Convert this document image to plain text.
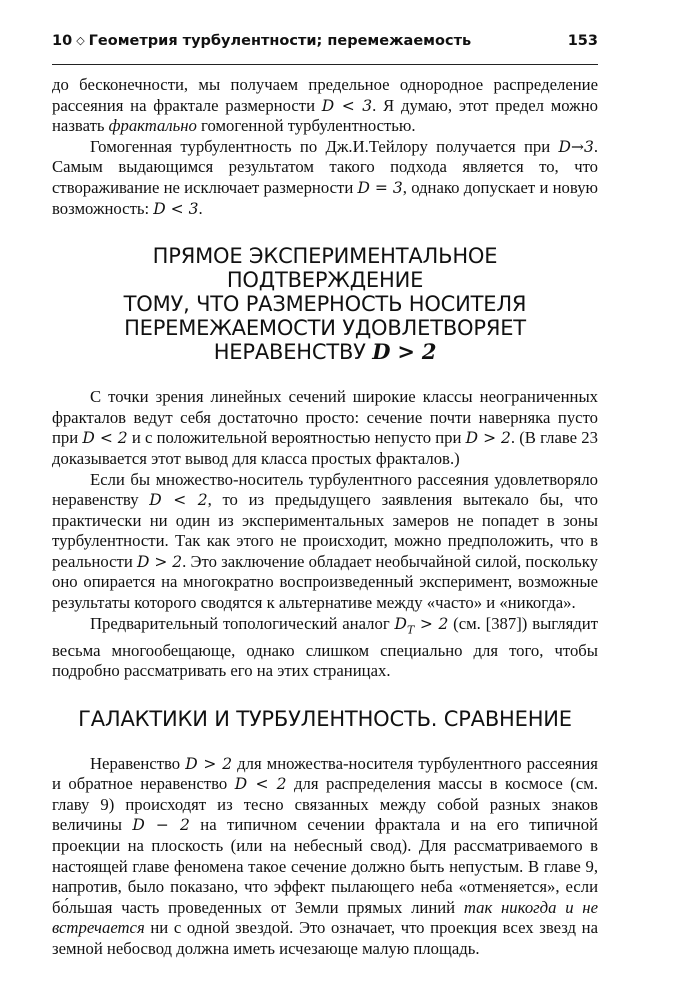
10 ◇ Геометрия турбулентности; перемежаемость	153

до бесконечности, мы получаем предельное однородное распределение рассеяния на фрактале размерности D < 3. Я думаю, этот предел можно назвать фрактально гомогенной турбулентностью.

Гомогенная турбулентность по Дж.И.Тейлору получается при D→3. Самым выдающимся результатом такого подхода является то, что створаживание не исключает размерности D = 3, однако допускает и новую возможность: D < 3.

ПРЯМОЕ ЭКСПЕРИМЕНТАЛЬНОЕ ПОДТВЕРЖДЕНИЕ
ТОМУ, ЧТО РАЗМЕРНОСТЬ НОСИТЕЛЯ
ПЕРЕМЕЖАЕМОСТИ УДОВЛЕТВОРЯЕТ
НЕРАВЕНСТВУ D > 2

С точки зрения линейных сечений широкие классы неограниченных фракталов ведут себя достаточно просто: сечение почти наверняка пусто при D < 2 и с положительной вероятностью непусто при D > 2. (В главе 23 доказывается этот вывод для класса простых фракталов.)

Если бы множество-носитель турбулентного рассеяния удовлетворяло неравенству D < 2, то из предыдущего заявления вытекало бы, что практически ни один из экспериментальных замеров не попадет в зоны турбулентности. Так как этого не происходит, можно предположить, что в реальности D > 2. Это заключение обладает необычайной силой, поскольку оно опирается на многократно воспроизведенный эксперимент, возможные результаты которого сводятся к альтернативе между «часто» и «никогда».

Предварительный топологический аналог $D_T > 2$ (см. [387]) выглядит весьма многообещающе, однако слишком специально для того, чтобы подробно рассматривать его на этих страницах.

ГАЛАКТИКИ И ТУРБУЛЕНТНОСТЬ. СРАВНЕНИЕ

Неравенство D > 2 для множества-носителя турбулентного рассеяния и обратное неравенство D < 2 для распределения массы в космосе (см. главу 9) происходят из тесно связанных между собой разных знаков величины D − 2 на типичном сечении фрактала и на его типичной проекции на плоскость (или на небесный свод). Для рассматриваемого в настоящей главе феномена такое сечение должно быть непустым. В главе 9, напротив, было показано, что эффект пылающего неба «отменяется», если бо́льшая часть проведенных от Земли прямых линий так никогда и не встречается ни с одной звездой. Это означает, что проекция всех звезд на земной небосвод должна иметь исчезающе малую площадь.
